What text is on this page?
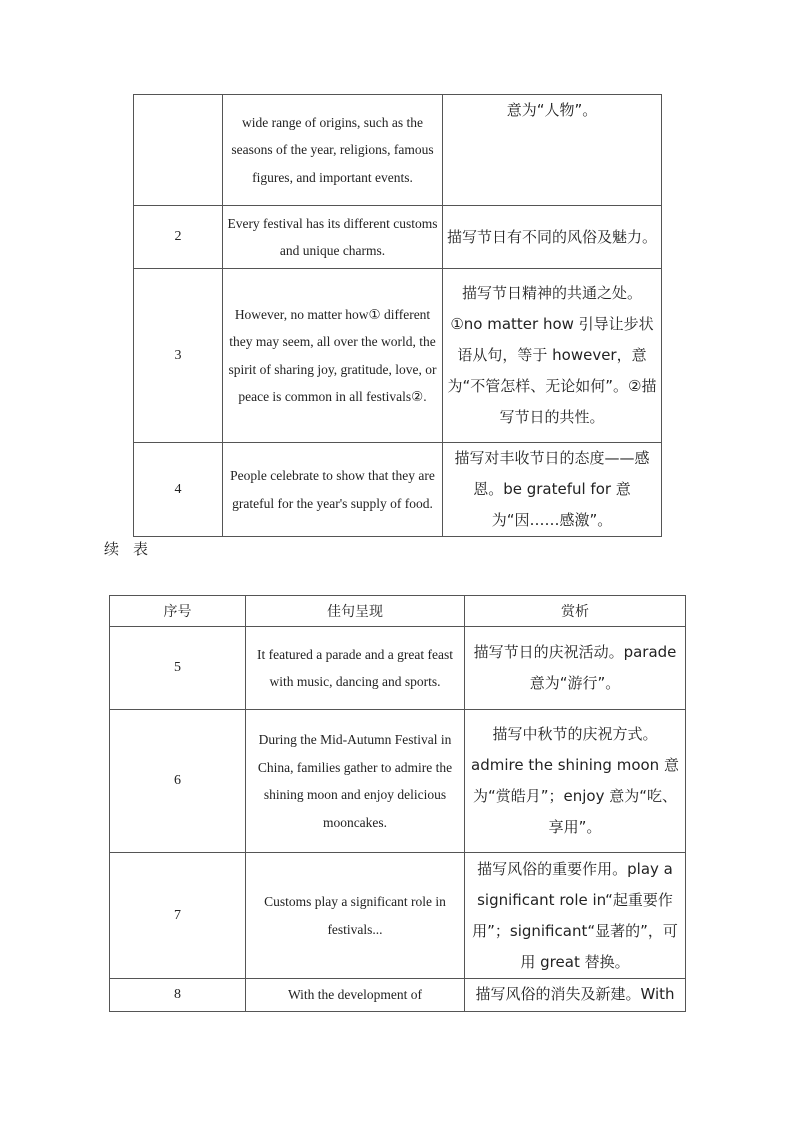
	wide range of origins, such as the seasons of the year, religions, famous figures, and important events.	意为“人物”。
2	Every festival has its different customs and unique charms.	描写节日有不同的风俗及魅力。
3	However, no matter how① different they may seem, all over the world, the spirit of sharing joy, gratitude, love, or peace is common in all festivals②.	描写节日精神的共通之处。①no matter how 引导让步状语从句，等于 however，意为“不管怎样、无论如何”。②描写节日的共性。
4	People celebrate to show that they are grateful for the year's supply of food.	描写对丰收节日的态度——感恩。be grateful for 意为“因……感激”。
续表
序号	佳句呈现	赏析
5	It featured a parade and a great feast with music, dancing and sports.	描写节日的庆祝活动。parade 意为“游行”。
6	During the Mid-Autumn Festival in China, families gather to admire the shining moon and enjoy delicious mooncakes.	描写中秋节的庆祝方式。admire the shining moon 意为“赏皓月”；enjoy 意为“吃、享用”。
7	Customs play a significant role in festivals...	描写风俗的重要作用。play a significant role in“起重要作用”；significant“显著的”，可用 great 替换。
8	With the development of	描写风俗的消失及新建。With
